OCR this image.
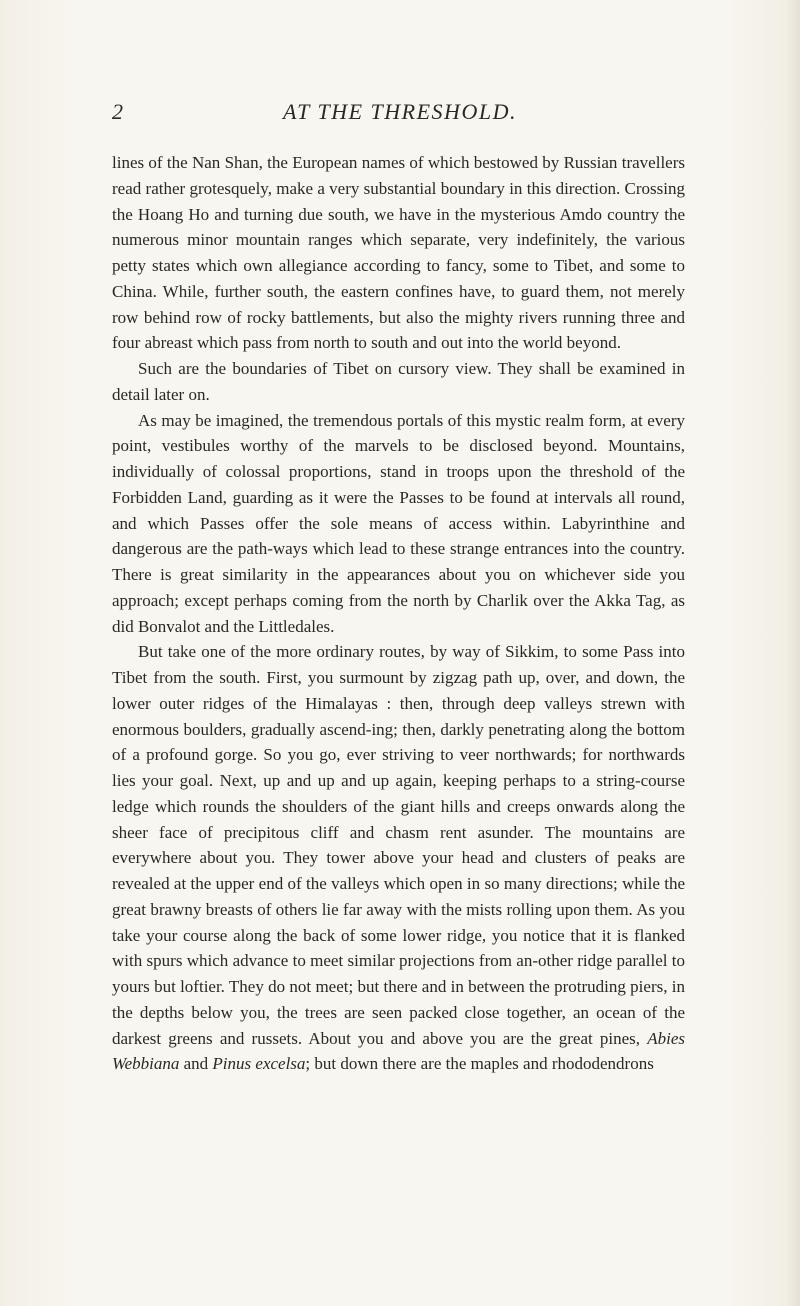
2	AT THE THRESHOLD.

lines of the Nan Shan, the European names of which bestowed by Russian travellers read rather grotesquely, make a very substantial boundary in this direction. Crossing the Hoang Ho and turning due south, we have in the mysterious Amdo country the numerous minor mountain ranges which separate, very indefinitely, the various petty states which own allegiance according to fancy, some to Tibet, and some to China. While, further south, the eastern confines have, to guard them, not merely row behind row of rocky battlements, but also the mighty rivers running three and four abreast which pass from north to south and out into the world beyond.

Such are the boundaries of Tibet on cursory view. They shall be examined in detail later on.

As may be imagined, the tremendous portals of this mystic realm form, at every point, vestibules worthy of the marvels to be disclosed beyond. Mountains, individually of colossal proportions, stand in troops upon the threshold of the Forbidden Land, guarding as it were the Passes to be found at intervals all round, and which Passes offer the sole means of access within. Labyrinthine and dangerous are the path-ways which lead to these strange entrances into the country. There is great similarity in the appearances about you on whichever side you approach; except perhaps coming from the north by Charlik over the Akka Tag, as did Bonvalot and the Littledales.

But take one of the more ordinary routes, by way of Sikkim, to some Pass into Tibet from the south. First, you surmount by zigzag path up, over, and down, the lower outer ridges of the Himalayas : then, through deep valleys strewn with enormous boulders, gradually ascend-ing; then, darkly penetrating along the bottom of a profound gorge. So you go, ever striving to veer northwards; for northwards lies your goal. Next, up and up and up again, keeping perhaps to a string-course ledge which rounds the shoulders of the giant hills and creeps onwards along the sheer face of precipitous cliff and chasm rent asunder. The mountains are everywhere about you. They tower above your head and clusters of peaks are revealed at the upper end of the valleys which open in so many directions; while the great brawny breasts of others lie far away with the mists rolling upon them. As you take your course along the back of some lower ridge, you notice that it is flanked with spurs which advance to meet similar projections from an-other ridge parallel to yours but loftier. They do not meet; but there and in between the protruding piers, in the depths below you, the trees are seen packed close together, an ocean of the darkest greens and russets. About you and above you are the great pines, Abies Webbiana and Pinus excelsa; but down there are the maples and rhododendrons
